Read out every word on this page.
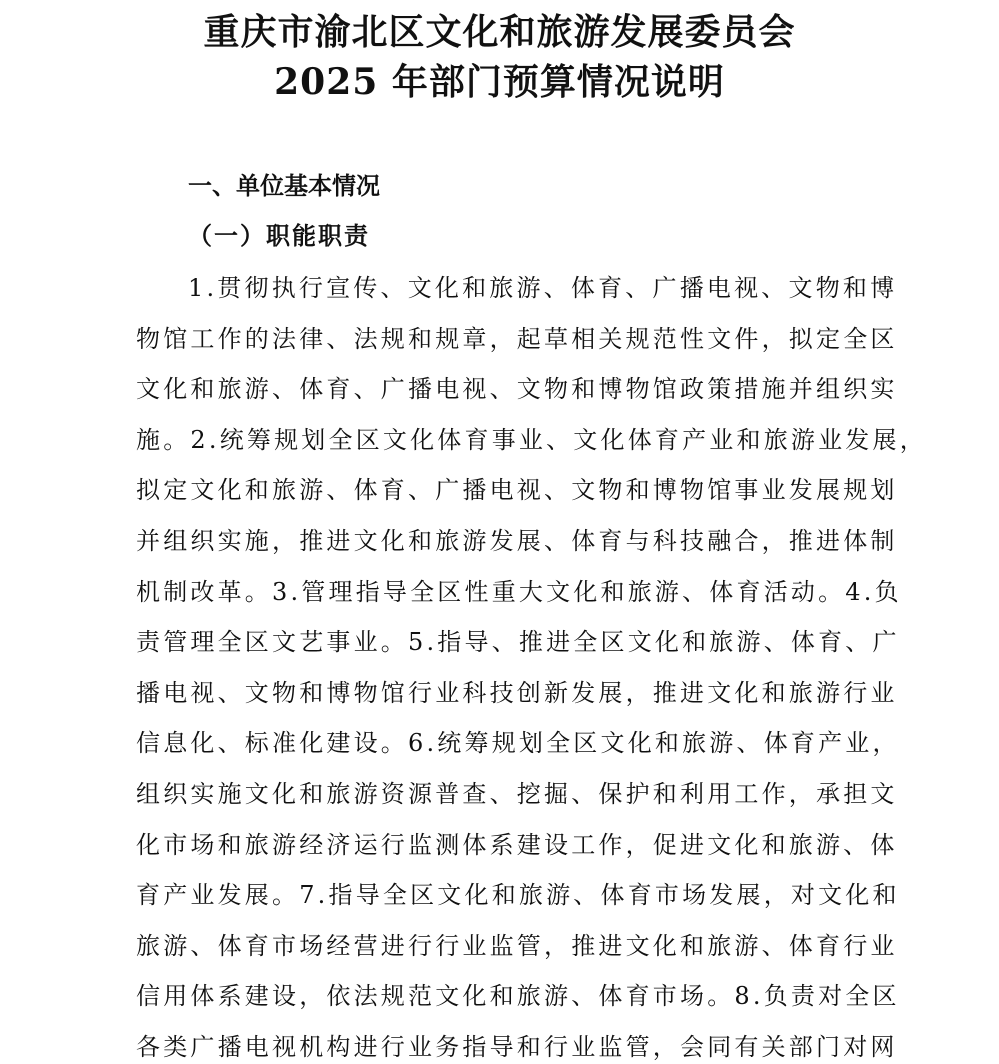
重庆市渝北区文化和旅游发展委员会
2025 年部门预算情况说明
一、单位基本情况
（一）职能职责
1.贯彻执行宣传、文化和旅游、体育、广播电视、文物和博
物馆工作的法律、法规和规章，起草相关规范性文件，拟定全区
文化和旅游、体育、广播电视、文物和博物馆政策措施并组织实
施。2.统筹规划全区文化体育事业、文化体育产业和旅游业发展，
拟定文化和旅游、体育、广播电视、文物和博物馆事业发展规划
并组织实施，推进文化和旅游发展、体育与科技融合，推进体制
机制改革。3.管理指导全区性重大文化和旅游、体育活动。4.负
责管理全区文艺事业。5.指导、推进全区文化和旅游、体育、广
播电视、文物和博物馆行业科技创新发展，推进文化和旅游行业
信息化、标准化建设。6.统筹规划全区文化和旅游、体育产业，
组织实施文化和旅游资源普查、挖掘、保护和利用工作，承担文
化市场和旅游经济运行监测体系建设工作，促进文化和旅游、体
育产业发展。7.指导全区文化和旅游、体育市场发展，对文化和
旅游、体育市场经营进行行业监管，推进文化和旅游、体育行业
信用体系建设，依法规范文化和旅游、体育市场。8.负责对全区
各类广播电视机构进行业务指导和行业监管，会同有关部门对网
